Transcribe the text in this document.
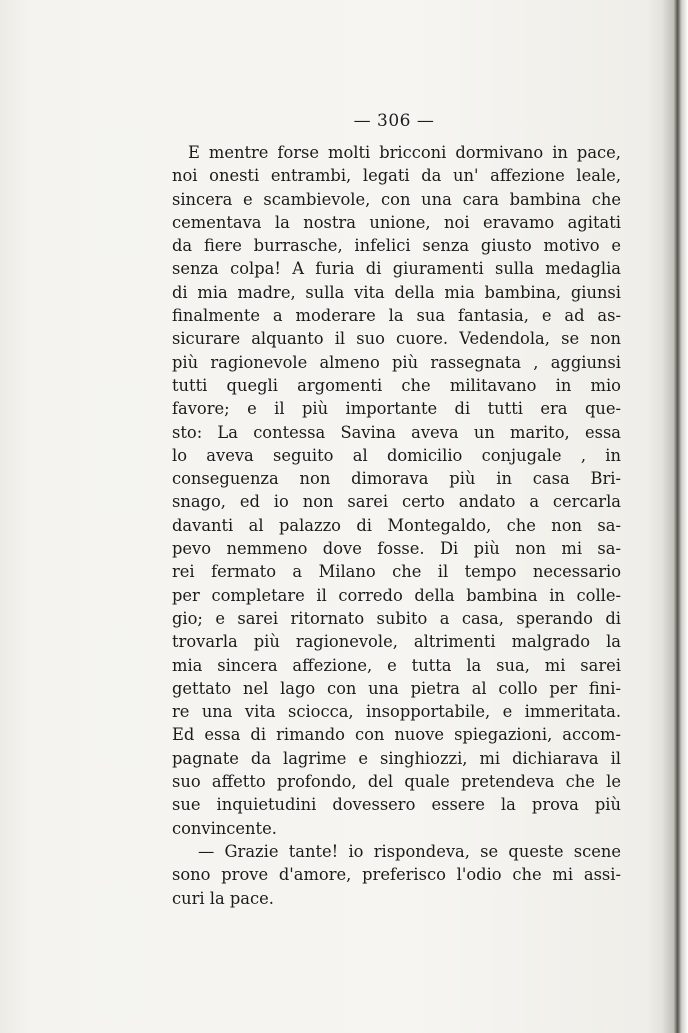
— 306 —
E mentre forse molti bricconi dormivano in pace,
noi onesti entrambi, legati da un' affezione leale,
sincera e scambievole, con una cara bambina che
cementava la nostra unione, noi eravamo agitati
da fiere burrasche, infelici senza giusto motivo e
senza colpa! A furia di giuramenti sulla medaglia
di mia madre, sulla vita della mia bambina, giunsi
finalmente a moderare la sua fantasia, e ad as-
sicurare alquanto il suo cuore. Vedendola, se non
più ragionevole almeno più rassegnata , aggiunsi
tutti quegli argomenti che militavano in mio
favore; e il più importante di tutti era que-
sto: La contessa Savina aveva un marito, essa
lo aveva seguito al domicilio conjugale , in
conseguenza non dimorava più in casa Bri-
snago, ed io non sarei certo andato a cercarla
davanti al palazzo di Montegaldo, che non sa-
pevo nemmeno dove fosse. Di più non mi sa-
rei fermato a Milano che il tempo necessario
per completare il corredo della bambina in colle-
gio; e sarei ritornato subito a casa, sperando di
trovarla più ragionevole, altrimenti malgrado la
mia sincera affezione, e tutta la sua, mi sarei
gettato nel lago con una pietra al collo per fini-
re una vita sciocca, insopportabile, e immeritata.
Ed essa di rimando con nuove spiegazioni, accom-
pagnate da lagrime e singhiozzi, mi dichiarava il
suo affetto profondo, del quale pretendeva che le
sue inquietudini dovessero essere la prova più
convincente.
— Grazie tante! io rispondeva, se queste scene
sono prove d'amore, preferisco l'odio che mi assi-
curi la pace.
